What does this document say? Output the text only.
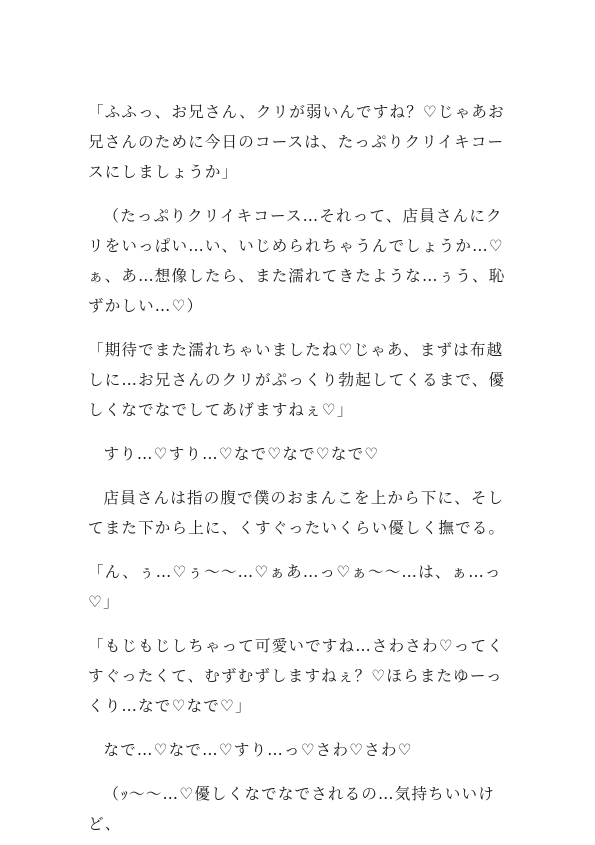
「ふふっ、お兄さん、クリが弱いんですね？♡じゃあお兄さんのために今日のコースは、たっぷりクリイキコースにしましょうか」

（たっぷりクリイキコース…それって、店員さんにクリをいっぱい…い、いじめられちゃうんでしょうか…♡ぁ、あ…想像したら、また濡れてきたような…ぅう、恥ずかしい…♡）

「期待でまた濡れちゃいましたね♡じゃあ、まずは布越しに…お兄さんのクリがぷっくり勃起してくるまで、優しくなでなでしてあげますねぇ♡」

すり…♡すり…♡なで♡なで♡なで♡

店員さんは指の腹で僕のおまんこを上から下に、そしてまた下から上に、くすぐったいくらい優しく撫でる。

「ん、ぅ…♡ぅ～～…♡ぁあ…っ♡ぁ～～…は、ぁ…っ♡」

「もじもじしちゃって可愛いですね…さわさわ♡ってくすぐったくて、むずむずしますねぇ？♡ほらまたゆーっくり…なで♡なで♡」

なで…♡なで…♡すり…っ♡さわ♡さわ♡

（ｯ～～…♡優しくなでなでされるの…気持ちいいけど、
